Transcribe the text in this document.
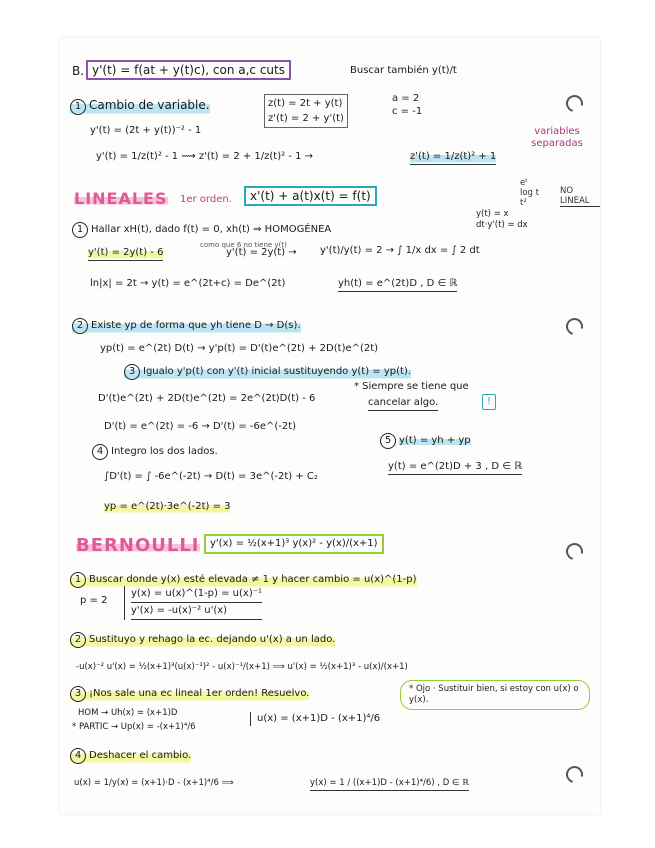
B. y'(t) = f(at + y(t)c), con a,c cuts	Buscar también y(t)/t
1 Cambio de variable.	z(t) = 2t + y(t)
z'(t) = 2 + y'(t)
a = 2
c = -1
y'(t) = (2t + y(t))⁻² - 1
y'(t) = 1/z(t)² - 1 ⟿ z'(t) = 2 + 1/z(t)² - 1 →	z'(t) = 1/z(t)² + 1
variables separadas
LINEALES 1er orden.	x'(t) + a(t)x(t) = f(t)
eᵗ
log t
t²
NO LINEAL
1 Hallar xH(t), dado f(t) = 0, xh(t) ⇒ HOMOGÉNEA
y(t) = x
dt·y'(t) = dx
como que 6 no tiene y(t)
y'(t) = 2y(t) - 6	y'(t) = 2y(t) → y'(t)/y(t) = 2 → ∫ 1/x dx = ∫ 2 dt
ln|x| = 2t → y(t) = e^(2t+c) = De^(2t)	yh(t) = e^(2t)D , D ∈ ℝ
2 Existe yp de forma que yh tiene D → D(s).
yp(t) = e^(2t) D(t) → y'p(t) = D'(t)e^(2t) + 2D(t)e^(2t)
3 Igualo y'p(t) con y'(t) inicial sustituyendo y(t) = yp(t).
D'(t)e^(2t) + 2D(t)e^(2t) = 2e^(2t)D(t) - 6
* Siempre se tiene que
cancelar algo.	!
D'(t) = e^(2t) = -6 → D'(t) = -6e^(-2t)
4 Integro los dos lados.
5 y(t) = yh + yp
∫D'(t) = ∫ -6e^(-2t) → D(t) = 3e^(-2t) + C₂
y(t) = e^(2t)D + 3 , D ∈ ℝ
yp = e^(2t)·3e^(-2t) = 3
BERNOULLI	y'(x) = ½(x+1)³ y(x)² - y(x)/(x+1)
1 Buscar donde y(x) esté elevada ≠ 1 y hacer cambio = u(x)^(1-p)
p = 2
y(x) = u(x)^(1-p) = u(x)⁻¹
y'(x) = -u(x)⁻² u'(x)
2 Sustituyo y rehago la ec. dejando u'(x) a un lado.
-u(x)⁻² u'(x) = ½(x+1)³(u(x)⁻¹)² - u(x)⁻¹/(x+1) ⟹ u'(x) = ½(x+1)³ - u(x)/(x+1)
3 ¡Nos sale una ec lineal 1er orden! Resuelvo.	* Ojo · Sustituir bien, si estoy con u(x) o y(x).
HOM → Uh(x) = (x+1)D
* PARTIC → Up(x) = -(x+1)⁴/6
u(x) = (x+1)D - (x+1)⁴/6
4 Deshacer el cambio.
u(x) = 1/y(x) = (x+1)·D - (x+1)⁴/6 ⟹	y(x) = 1 / ((x+1)D - (x+1)⁴/6) , D ∈ ℝ
